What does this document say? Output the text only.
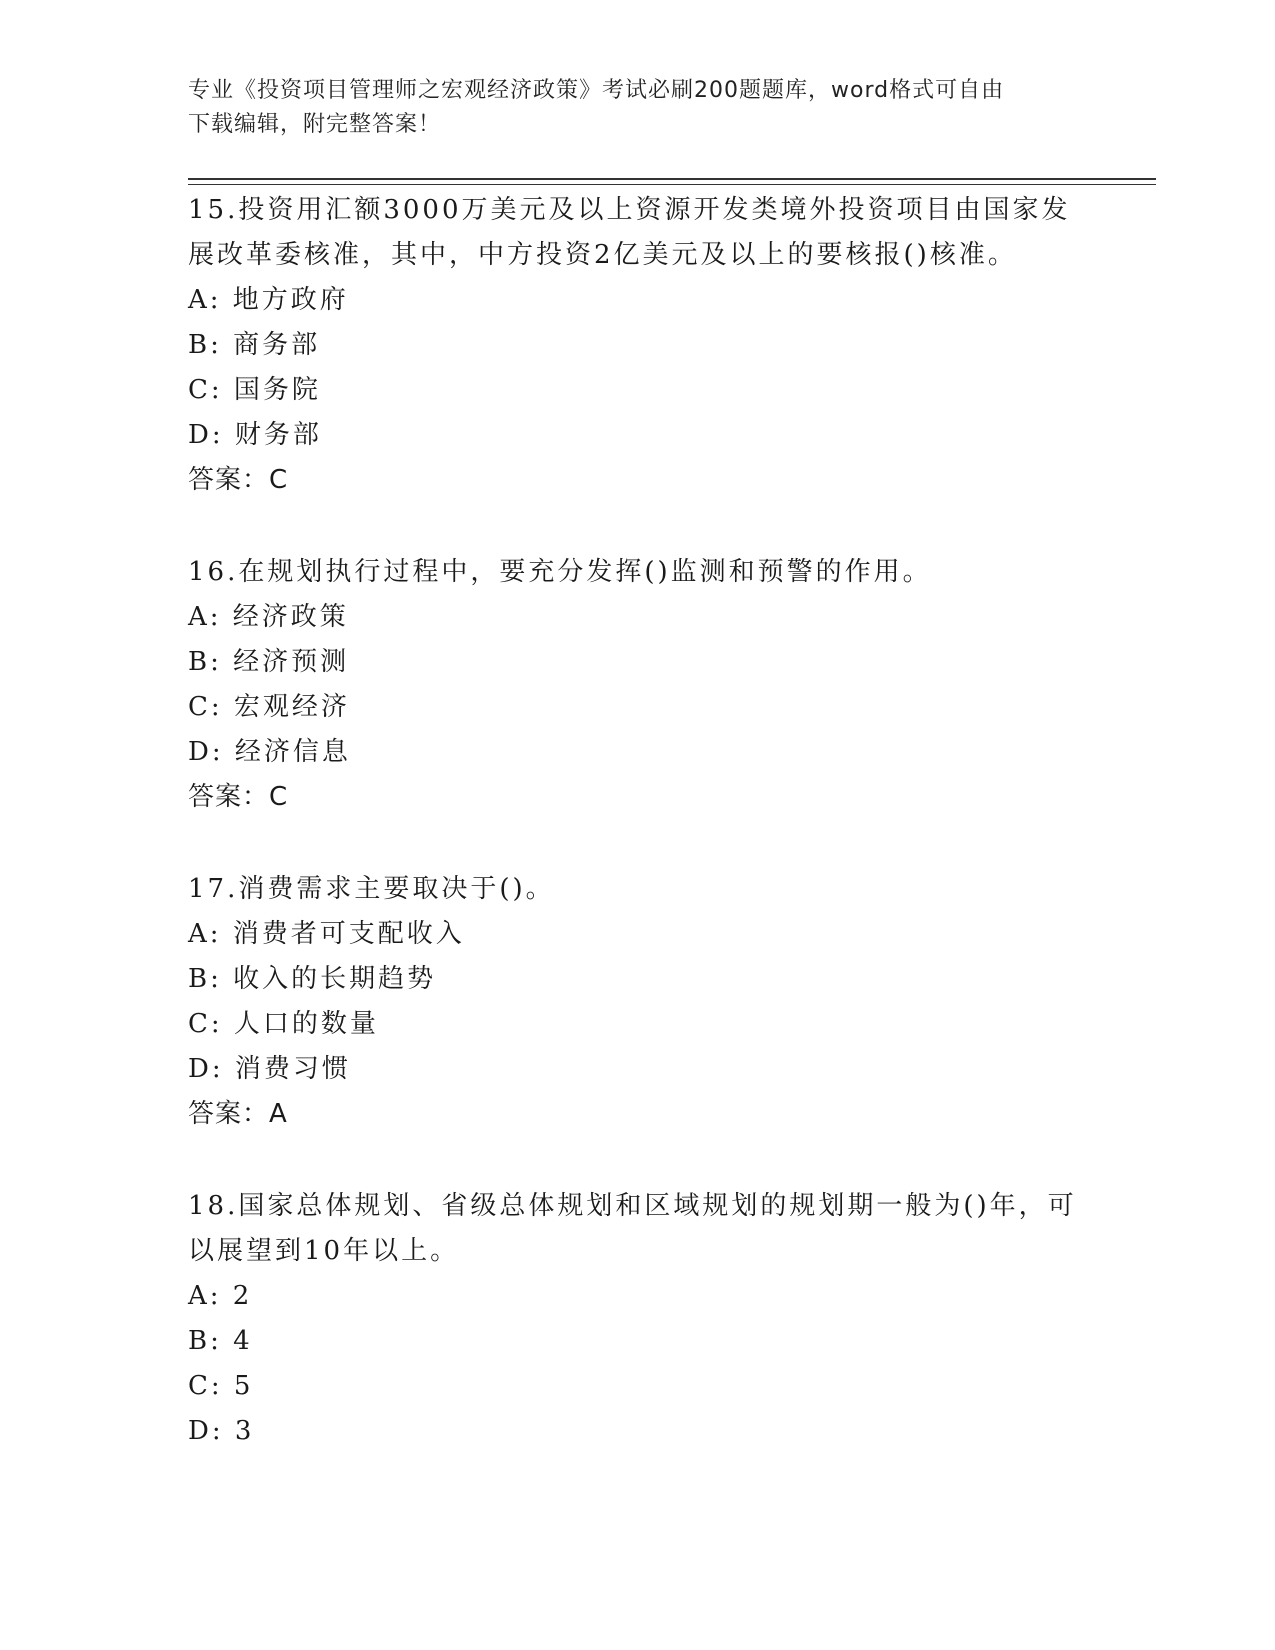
专业《投资项目管理师之宏观经济政策》考试必刷200题题库，word格式可自由
下载编辑，附完整答案！
15.投资用汇额3000万美元及以上资源开发类境外投资项目由国家发
展改革委核准，其中，中方投资2亿美元及以上的要核报()核准。
A: 地方政府
B: 商务部
C: 国务院
D: 财务部
答案：C
16.在规划执行过程中，要充分发挥()监测和预警的作用。
A: 经济政策
B: 经济预测
C: 宏观经济
D: 经济信息
答案：C
17.消费需求主要取决于()。
A: 消费者可支配收入
B: 收入的长期趋势
C: 人口的数量
D: 消费习惯
答案：A
18.国家总体规划、省级总体规划和区域规划的规划期一般为()年，可
以展望到10年以上。
A: 2
B: 4
C: 5
D: 3
